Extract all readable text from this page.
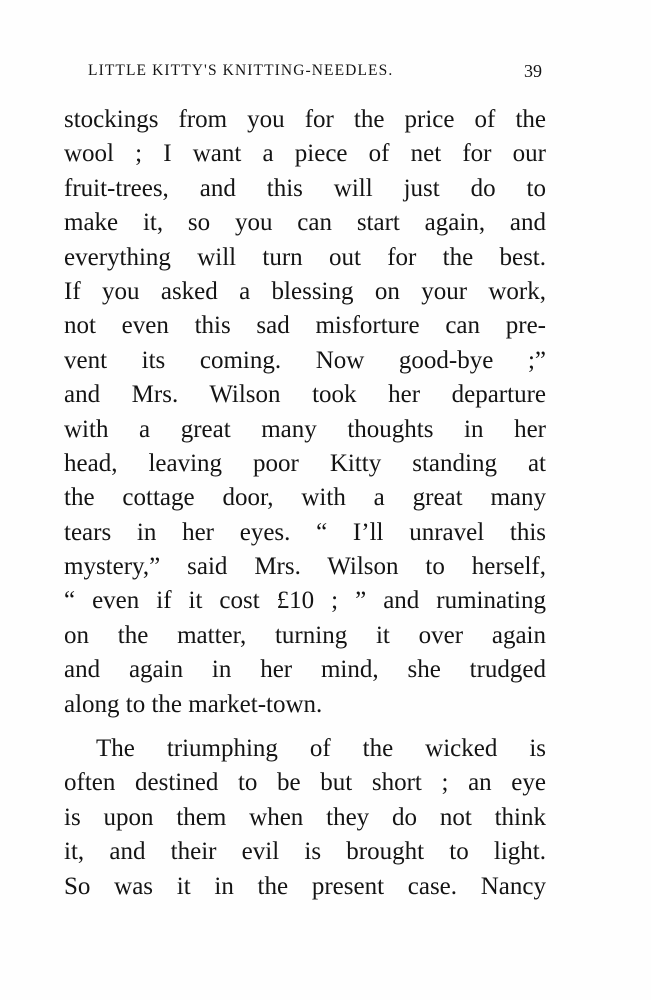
LITTLE KITTY'S KNITTING-NEEDLES.	39
stockings from you for the price of the
wool ; I want a piece of net for our
fruit-trees, and this will just do to
make it, so you can start again, and
everything will turn out for the best.
If you asked a blessing on your work,
not even this sad misforture can pre-
vent its coming. Now good-bye ;”
and Mrs. Wilson took her departure
with a great many thoughts in her
head, leaving poor Kitty standing at
the cottage door, with a great many
tears in her eyes. “ I’ll unravel this
mystery,” said Mrs. Wilson to herself,
“ even if it cost £10 ; ” and ruminating
on the matter, turning it over again
and again in her mind, she trudged
along to the market-town.
The triumphing of the wicked is
often destined to be but short ; an eye
is upon them when they do not think
it, and their evil is brought to light.
So was it in the present case. Nancy
